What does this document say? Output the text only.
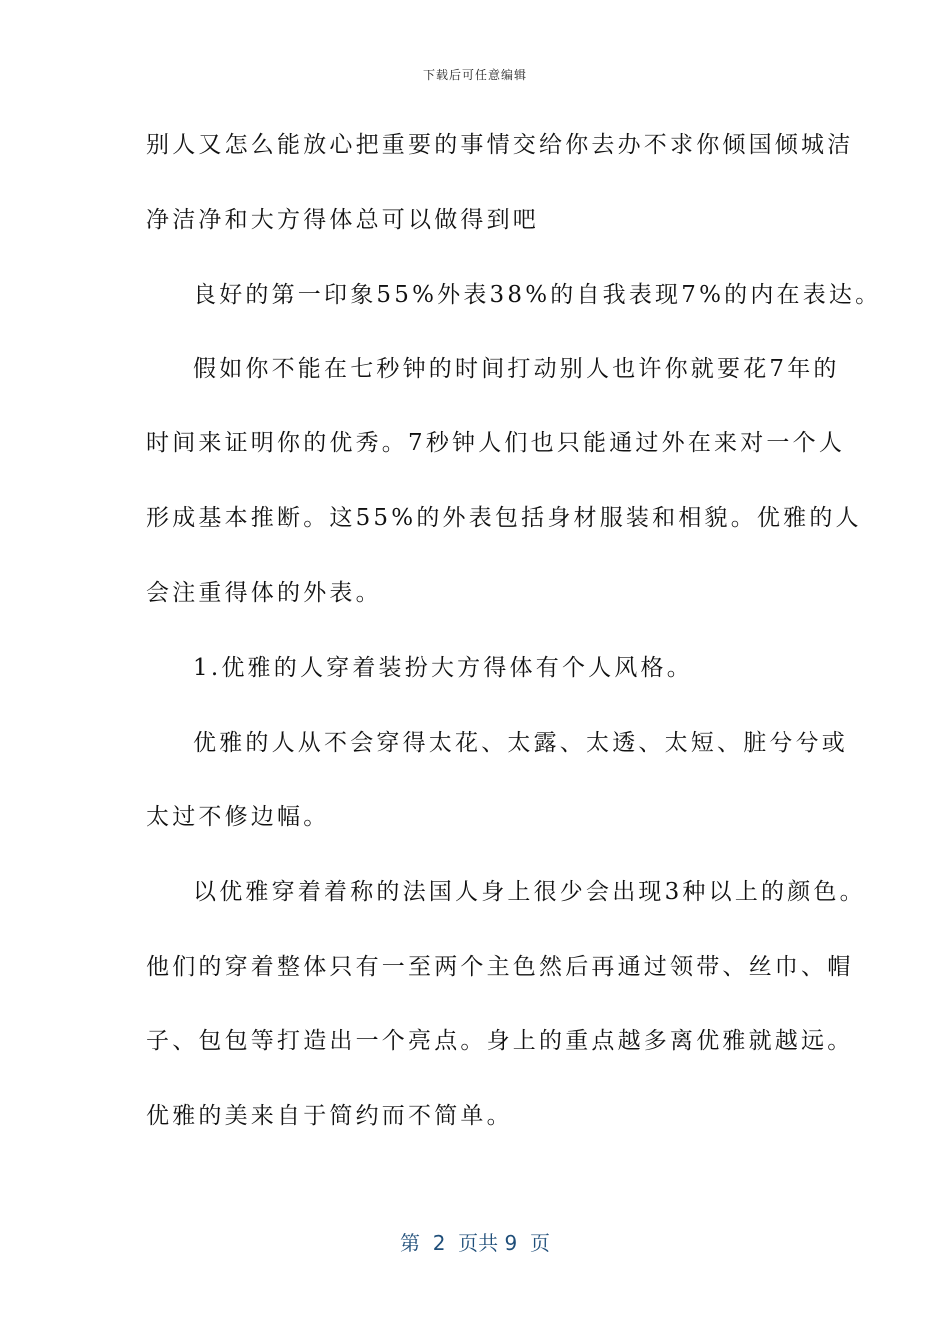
下载后可任意编辑
别人又怎么能放心把重要的事情交给你去办不求你倾国倾城洁
净洁净和大方得体总可以做得到吧
良好的第一印象55%外表38%的自我表现7%的内在表达。
假如你不能在七秒钟的时间打动别人也许你就要花7年的
时间来证明你的优秀。7秒钟人们也只能通过外在来对一个人
形成基本推断。这55%的外表包括身材服装和相貌。优雅的人
会注重得体的外表。
1.优雅的人穿着装扮大方得体有个人风格。
优雅的人从不会穿得太花、太露、太透、太短、脏兮兮或
太过不修边幅。
以优雅穿着着称的法国人身上很少会出现3种以上的颜色。
他们的穿着整体只有一至两个主色然后再通过领带、丝巾、帽
子、包包等打造出一个亮点。身上的重点越多离优雅就越远。
优雅的美来自于简约而不简单。
第  2  页共 9  页
